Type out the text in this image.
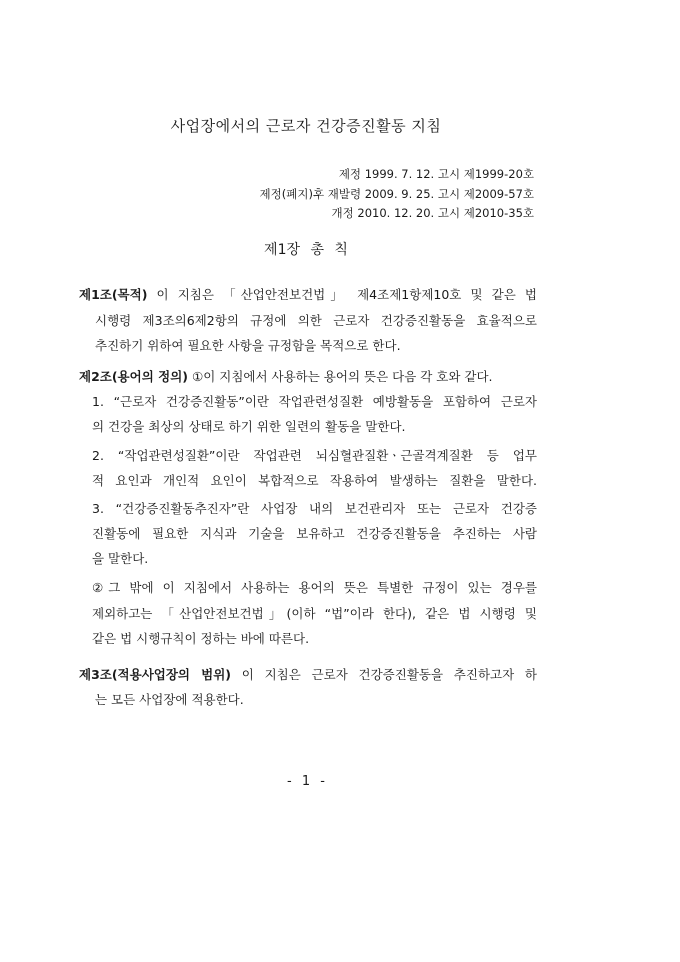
사업장에서의 근로자 건강증진활동 지침
제정 1999. 7. 12. 고시 제1999-20호
제정(폐지)후 재발령 2009. 9. 25. 고시 제2009-57호
개정 2010. 12. 20. 고시 제2010-35호
제1장 총 칙
제1조(목적) 이 지침은 「산업안전보건법」 제4조제1항제10호 및 같은 법
시행령 제3조의6제2항의 규정에 의한 근로자 건강증진활동을 효율적으로
추진하기 위하여 필요한 사항을 규정함을 목적으로 한다.
제2조(용어의 정의) ①이 지침에서 사용하는 용어의 뜻은 다음 각 호와 같다.
1. “근로자 건강증진활동”이란 작업관련성질환 예방활동을 포함하여 근로자
의 건강을 최상의 상태로 하기 위한 일련의 활동을 말한다.
2. “작업관련성질환”이란 작업관련 뇌심혈관질환ㆍ근골격계질환 등 업무
적 요인과 개인적 요인이 복합적으로 작용하여 발생하는 질환을 말한다.
3. “건강증진활동추진자”란 사업장 내의 보건관리자 또는 근로자 건강증
진활동에 필요한 지식과 기술을 보유하고 건강증진활동을 추진하는 사람
을 말한다.
②그 밖에 이 지침에서 사용하는 용어의 뜻은 특별한 규정이 있는 경우를
제외하고는 「산업안전보건법」(이하 “법”이라 한다), 같은 법 시행령 및
같은 법 시행규칙이 정하는 바에 따른다.
제3조(적용사업장의 범위) 이 지침은 근로자 건강증진활동을 추진하고자 하
는 모든 사업장에 적용한다.
- 1 -
